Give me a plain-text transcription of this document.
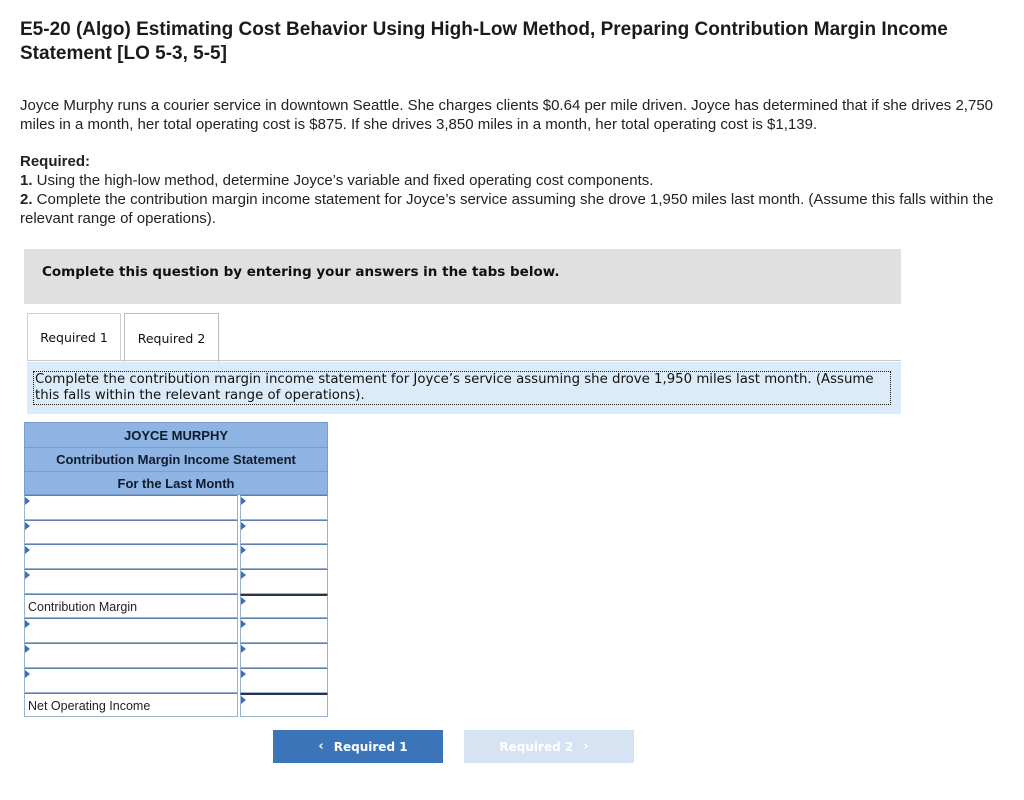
E5-20 (Algo) Estimating Cost Behavior Using High-Low Method, Preparing Contribution Margin Income Statement [LO 5-3, 5-5]
Joyce Murphy runs a courier service in downtown Seattle. She charges clients $0.64 per mile driven. Joyce has determined that if she drives 2,750 miles in a month, her total operating cost is $875. If she drives 3,850 miles in a month, her total operating cost is $1,139.
Required:
1. Using the high-low method, determine Joyce’s variable and fixed operating cost components.
2. Complete the contribution margin income statement for Joyce’s service assuming she drove 1,950 miles last month. (Assume this falls within the relevant range of operations).
Complete this question by entering your answers in the tabs below.
Required 1	Required 2
Complete the contribution margin income statement for Joyce’s service assuming she drove 1,950 miles last month. (Assume this falls within the relevant range of operations).
JOYCE MURPHY
Contribution Margin Income Statement
For the Last Month
Contribution Margin
Net Operating Income
‹ Required 1	Required 2 ›
